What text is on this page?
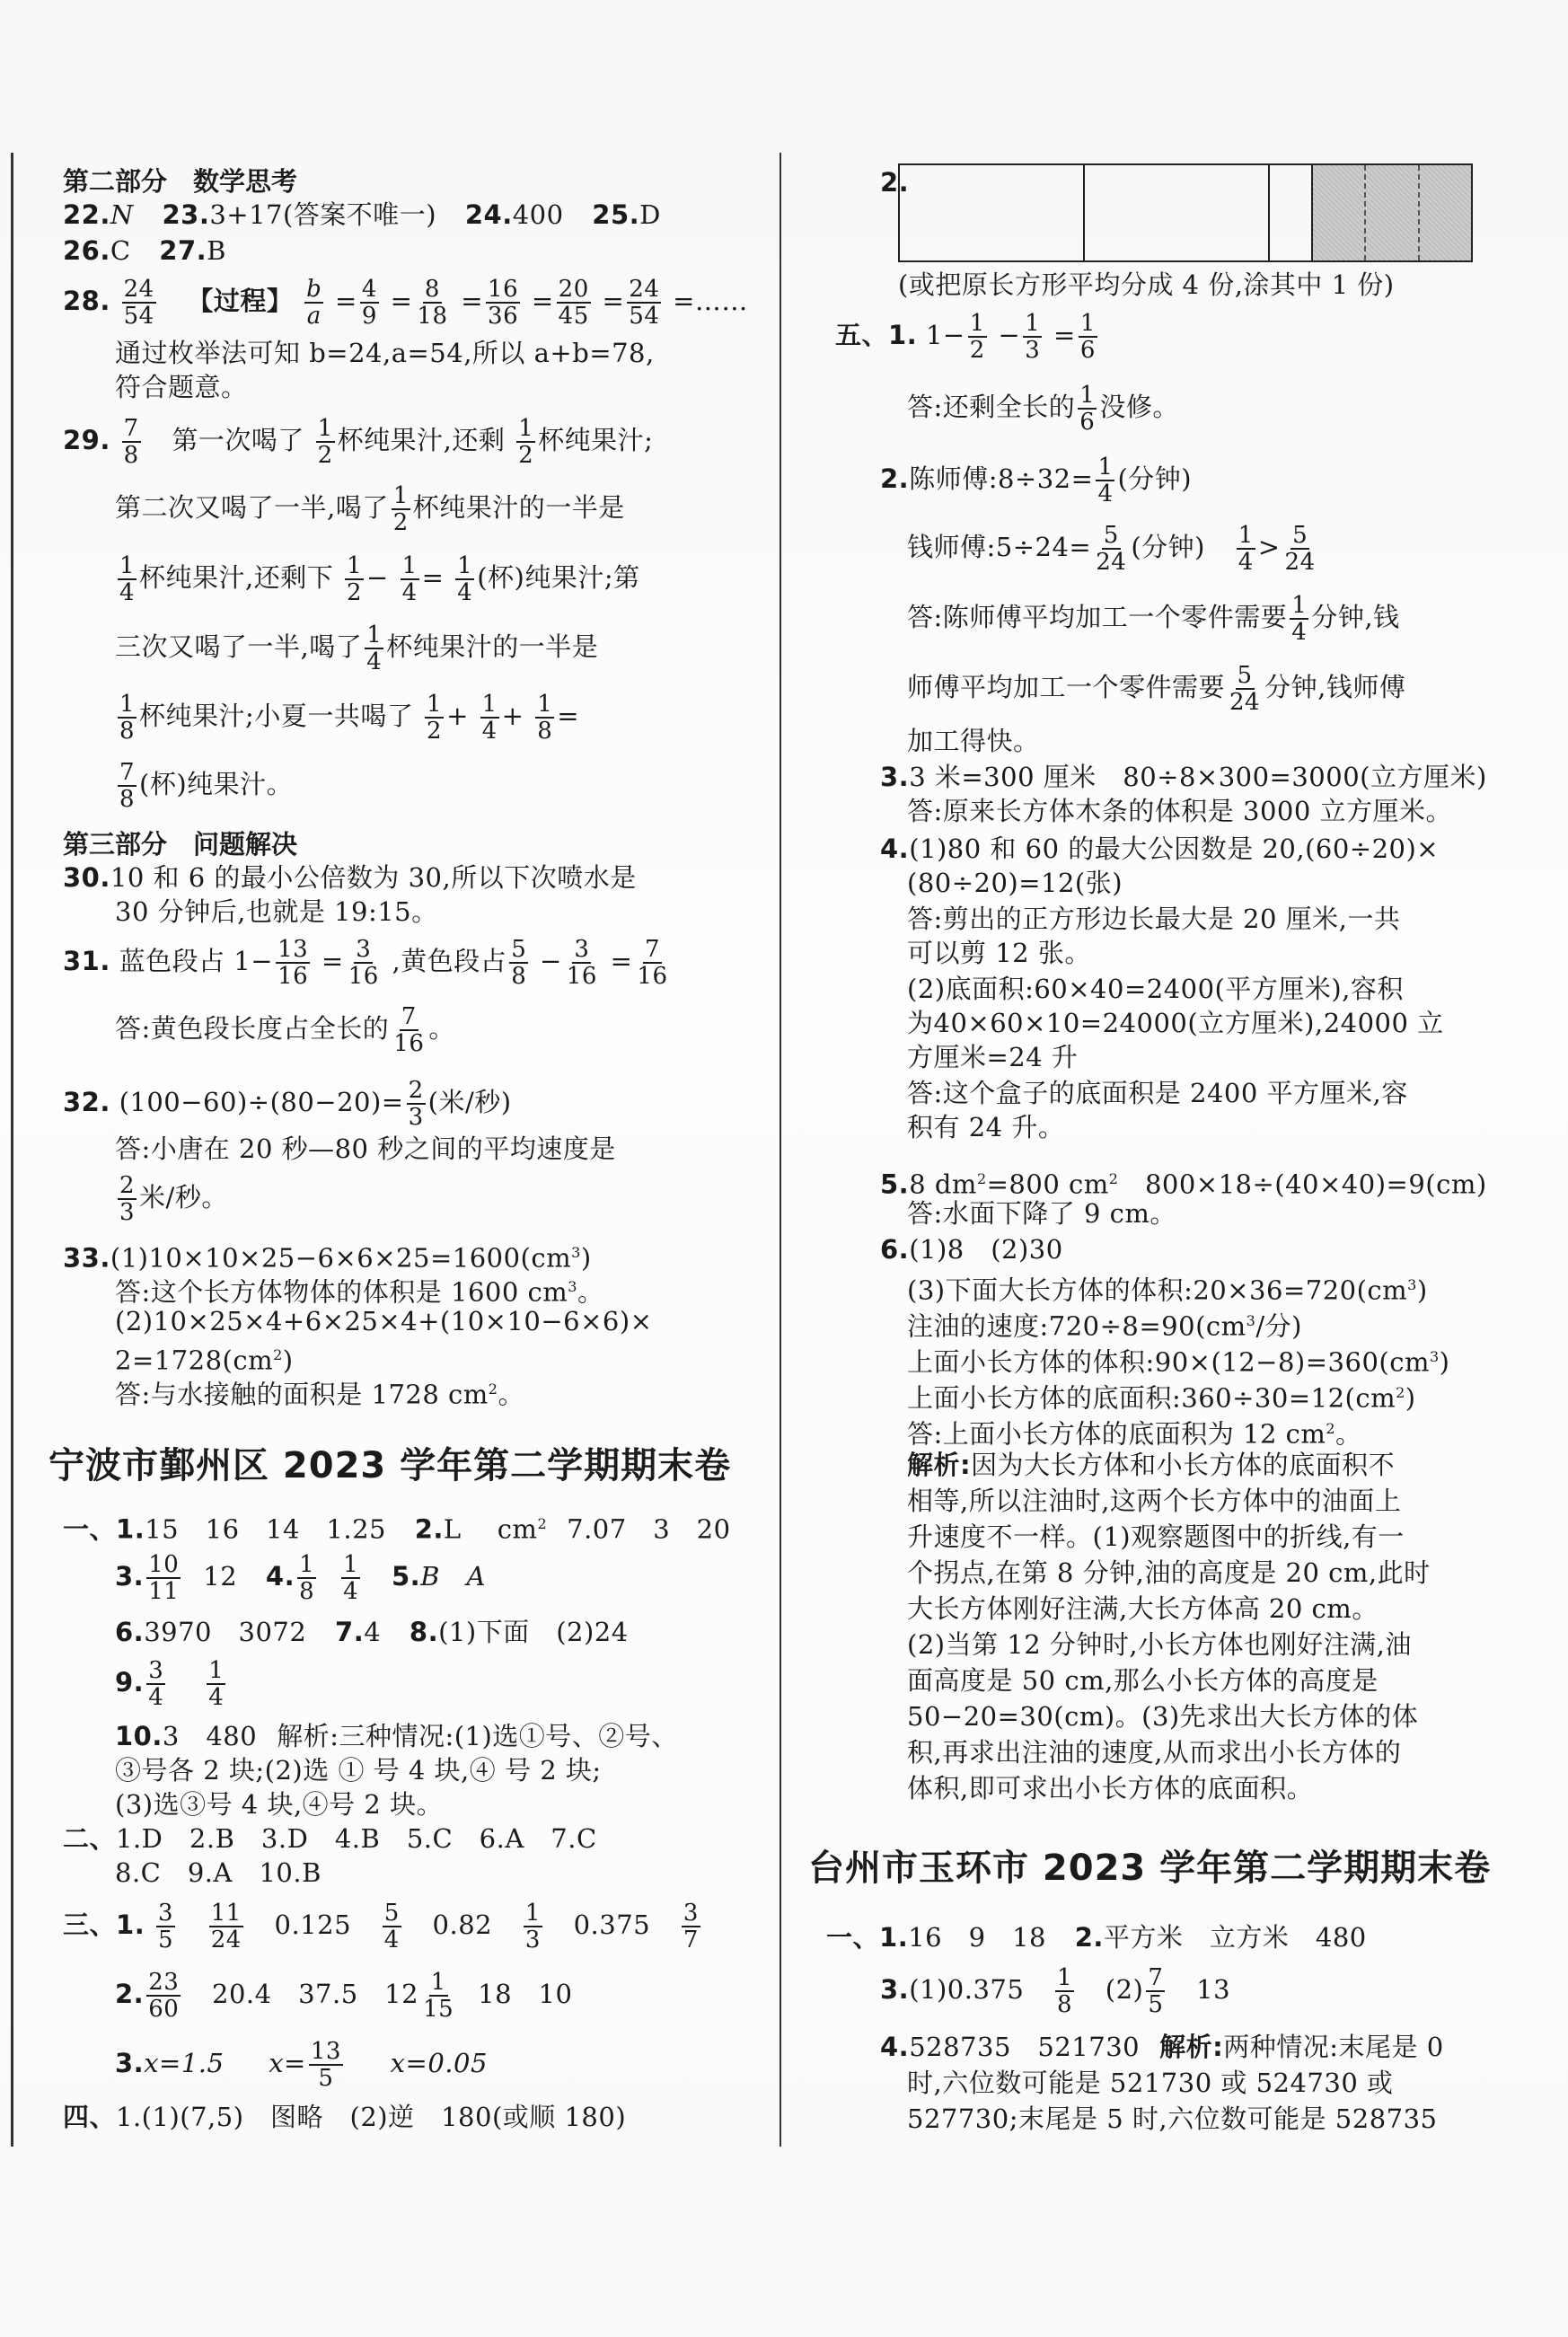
第二部分　数学思考
22.N 23.3+17(答案不唯一) 24.400 25.D
26.C 27.B
28. $\frac{24}{54}$ 【过程】 $\frac{b}{a} = \frac{4}{9} = \frac{8}{18} = \frac{16}{36} = \frac{20}{45} = \frac{24}{54}$ =……
通过枚举法可知 b=24,a=54,所以 a+b=78,
符合题意。
29. $\frac{7}{8}$ 第一次喝了 $\frac{1}{2}$ 杯纯果汁,还剩 $\frac{1}{2}$ 杯纯果汁;
第二次又喝了一半,喝了 $\frac{1}{2}$ 杯纯果汁的一半是
$\frac{1}{4}$ 杯纯果汁,还剩下 $\frac{1}{2} - \frac{1}{4} = \frac{1}{4}$ (杯)纯果汁;第
三次又喝了一半,喝了 $\frac{1}{4}$ 杯纯果汁的一半是
$\frac{1}{8}$ 杯纯果汁;小夏一共喝了 $\frac{1}{2} + \frac{1}{4} + \frac{1}{8}$ =
$\frac{7}{8}$ (杯)纯果汁。
第三部分　问题解决
30.10 和 6 的最小公倍数为 30,所以下次喷水是
30 分钟后,也就是 19:15。
31. 蓝色段占 $1- \frac{13}{16} = \frac{3}{16}$ ,黄色段占 $\frac{5}{8} - \frac{3}{16} = \frac{7}{16}$
答:黄色段长度占全长的 $\frac{7}{16}$ 。
32. $(100-60)\div(80-20)= \frac{2}{3}$ (米/秒)
答:小唐在 20 秒—80 秒之间的平均速度是
$\frac{2}{3}$ 米/秒。
$33.(1)10\times 10\times 25-6\times 6\times 25=1600(cm^3)$
答:这个长方体物体的体积是 1600 $cm^3$。
(2)10×25×4+6×25×4+(10×10−6×6)×
$2=1728(cm^2)$
答:与水接触的面积是 1728 $cm^2$。
宁波市鄞州区 2023 学年第二学期期末卷
一、1.15　16　14　1.25 2.L $cm^2$ 7.07　3　20
3. $\frac{10}{11} 12$ 4. $\frac{1}{8} \frac{1}{4} 5.B$　A
6.3970　3072 7.4 8.(1)下面　(2)24
9. $\frac{3}{4} \frac{1}{4}$
10.3　480 解析:三种情况:(1)选①号、②号、
③号各 2 块;(2)选 ① 号 4 块,④ 号 2 块;
(3)选③号 4 块,④号 2 块。
二、1.D　2.B　3.D　4.B　5.C　6.A　7.C
8.C　9.A　10.B
三、1. $\frac{3}{5}$
$\frac{11}{24} 0.125 \frac{5}{4} 0.82 \frac{1}{3} 0.375 \frac{3}{7}$
2. $\frac{23}{60} 20.4$　37.5　$12 \frac{1}{15} 18$　10
3.x=1.5 $x= \frac{13}{5} x=0.05$
四、1.(1)(7,5)　图略　(2)逆　180(或顺 180)
2.
(或把原长方形平均分成 4 份,涂其中 1 份)
五、1. $1- \frac{1}{2} - \frac{1}{3} = \frac{1}{6}$
答:还剩全长的 $\frac{1}{6}$ 没修。
2.陈师傅:8÷32= $\frac{1}{4}$ (分钟)
钱师傅:5÷24= $\frac{5}{24}$ (分钟) $\frac{1}{4} > \frac{5}{24}$
答:陈师傅平均加工一个零件需要 $\frac{1}{4}$ 分钟,钱
师傅平均加工一个零件需要 $\frac{5}{24}$ 分钟,钱师傅
加工得快。
3.3 米=300 厘米　80÷8×300=3000(立方厘米)
答:原来长方体木条的体积是 3000 立方厘米。
4.(1)80 和 60 的最大公因数是 20,(60÷20)×
(80÷20)=12(张)
答:剪出的正方形边长最大是 20 厘米,一共
可以剪 12 张。
(2)底面积:60×40=2400(平方厘米),容积
为40×60×10=24000(立方厘米),24000 立
方厘米=24 升
答:这个盒子的底面积是 2400 平方厘米,容
积有 24 升。
5.8 $dm^2=800$ $cm^2$　800×18÷(40×40)=9(cm)
答:水面下降了 9 cm。
6.(1)8　(2)30
(3)下面大长方体的体积$:20\times 36=720(cm^3)$
注油的速度$:720\div 8=90(cm^3/$分)
上面小长方体的体积$:90\times(12-8)=360(cm^3)$
上面小长方体的底面积$:360\div 30=12(cm^2)$
答:上面小长方体的底面积为 12 $cm^2$。
解析:因为大长方体和小长方体的底面积不
相等,所以注油时,这两个长方体中的油面上
升速度不一样。(1)观察题图中的折线,有一
个拐点,在第 8 分钟,油的高度是 20 cm,此时
大长方体刚好注满,大长方体高 20 cm。
(2)当第 12 分钟时,小长方体也刚好注满,油
面高度是 50 cm,那么小长方体的高度是
50−20=30(cm)。(3)先求出大长方体的体
积,再求出注油的速度,从而求出小长方体的
体积,即可求出小长方体的底面积。
台州市玉环市 2023 学年第二学期期末卷
一、1.16　9　18 2.平方米　立方米　480
$3.(1)0.375 \frac{1}{8} (2) \frac{7}{5} 13$
4.528735　521730 解析:两种情况:末尾是 0
时,六位数可能是 521730 或 524730 或
527730;末尾是 5 时,六位数可能是 528735
